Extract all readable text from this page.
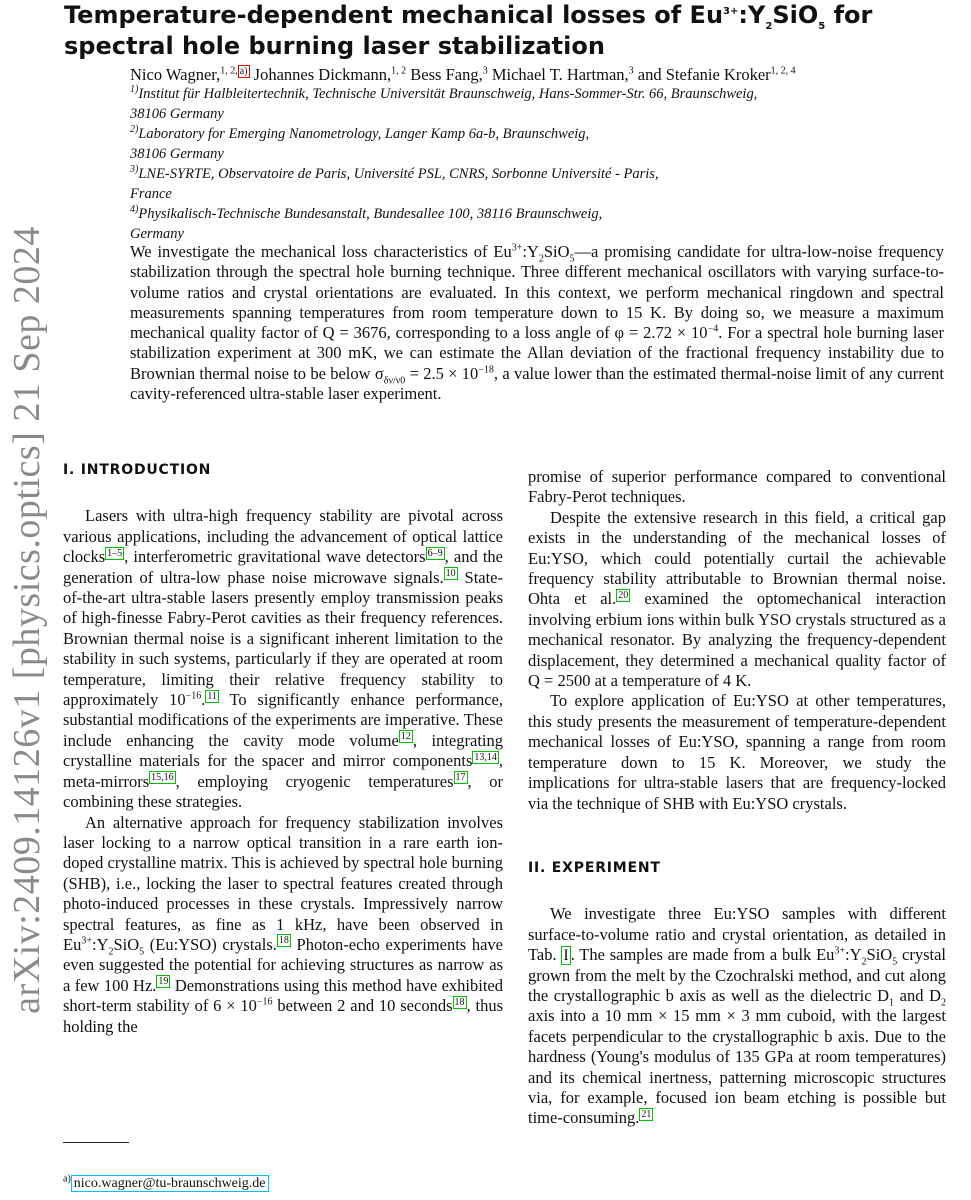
arXiv:2409.14126v1 [physics.optics] 21 Sep 2024
Temperature-dependent mechanical losses of $Eu^{3+}:Y_2SiO_5$ for spectral hole burning laser stabilization
Nico Wagner,$^{1, 2,}$ $^{a)}$ Johannes Dickmann,$^{1, 2}$ Bess Fang,$^3$ Michael T. Hartman,$^3$ and Stefanie Kroker$^{1, 2, 4}$

$^{1)}$Institut für Halbleitertechnik, Technische Universität Braunschweig, Hans-Sommer-Str. 66, Braunschweig,
38106 Germany

$^{2)}$Laboratory for Emerging Nanometrology, Langer Kamp 6a-b, Braunschweig,
38106 Germany

$^{3)}$LNE-SYRTE, Observatoire de Paris, Université PSL, CNRS, Sorbonne Université - Paris,
France

$^{4)}$Physikalisch-Technische Bundesanstalt, Bundesallee 100, 38116 Braunschweig,
Germany

We investigate the mechanical loss characteristics of $Eu^{3+}:Y_2SiO_5—a$ promising candidate for ultra-low-noise frequency stabilization through the spectral hole burning technique. Three different mechanical oscillators with varying surface-to-volume ratios and crystal orientations are evaluated. In this context, we perform mechanical ringdown and spectral measurements spanning temperatures from room temperature down to 15 K. By doing so, we measure a maximum mechanical quality factor of Q = 3676, corresponding to a loss angle of $\varphi = 2.72 \times 10^{-4}$. For a spectral hole burning laser stabilization experiment at 300 mK, we can estimate the Allan deviation of the fractional frequency instability due to Brownian thermal noise to be below $\sigma_{\delta\nu/\nu 0} = 2.5 \times 10^{-18}$, a value lower than the estimated thermal-noise limit of any current cavity-referenced ultra-stable laser experiment.

I. INTRODUCTION

Lasers with ultra-high frequency stability are pivotal across various applications, including the advancement of optical lattice clocks $^{1-5}$ , interferometric gravitational wave detectors $^{6-9}$ , and the generation of ultra-low phase noise microwave signals. $^{10}$ State-of-the-art ultra-stable lasers presently employ transmission peaks of high-finesse Fabry-Perot cavities as their frequency references. Brownian thermal noise is a significant inherent limitation to the stability in such systems, particularly if they are operated at room temperature, limiting their relative frequency stability to approximately $10^{-16}$. $^{11}$ To significantly enhance performance, substantial modifications of the experiments are imperative. These include enhancing the cavity mode volume $^{12}$ , integrating crystalline materials for the spacer and mirror components $^{13,14}$ , meta-mirrors $^{15,16}$ , employing cryogenic temperatures $^{17}$ , or combining these strategies.

An alternative approach for frequency stabilization involves laser locking to a narrow optical transition in a rare earth ion-doped crystalline matrix. This is achieved by spectral hole burning (SHB), i.e., locking the laser to spectral features created through photo-induced processes in these crystals. Impressively narrow spectral features, as fine as 1 kHz, have been observed in $Eu^{3+}:Y_2SiO_5$ (Eu:YSO) crystals. $^{18}$ Photon-echo experiments have even suggested the potential for achieving structures as narrow as a few 100 Hz. $^{19}$ Demonstrations using this method have exhibited short-term stability of $6 \times 10^{-16}$ between 2 and 10 seconds $^{18}$ , thus holding the

promise of superior performance compared to conventional Fabry-Perot techniques.

Despite the extensive research in this field, a critical gap exists in the understanding of the mechanical losses of Eu:YSO, which could potentially curtail the achievable frequency stability attributable to Brownian thermal noise. Ohta et al. $^{20}$ examined the optomechanical interaction involving erbium ions within bulk YSO crystals structured as a mechanical resonator. By analyzing the frequency-dependent displacement, they determined a mechanical quality factor of Q = 2500 at a temperature of 4 K.

To explore application of Eu:YSO at other temperatures, this study presents the measurement of temperature-dependent mechanical losses of Eu:YSO, spanning a range from room temperature down to 15 K. Moreover, we study the implications for ultra-stable lasers that are frequency-locked via the technique of SHB with Eu:YSO crystals.

II. EXPERIMENT

We investigate three Eu:YSO samples with different surface-to-volume ratio and crystal orientation, as detailed in Tab. I . The samples are made from a bulk $Eu^{3+}:Y_2SiO_5$ crystal grown from the melt by the Czochralski method, and cut along the crystallographic b axis as well as the dielectric $D_1$ and $D_2$ axis into a 10 mm × 15 mm × 3 mm cuboid, with the largest facets perpendicular to the crystallographic b axis. Due to the hardness (Young's modulus of 135 GPa at room temperatures) and its chemical inertness, patterning microscopic structures via, for example, focused ion beam etching is possible but time-consuming. $^{21}$

$^{a)}$ nico.wagner@tu-braunschweig.de
